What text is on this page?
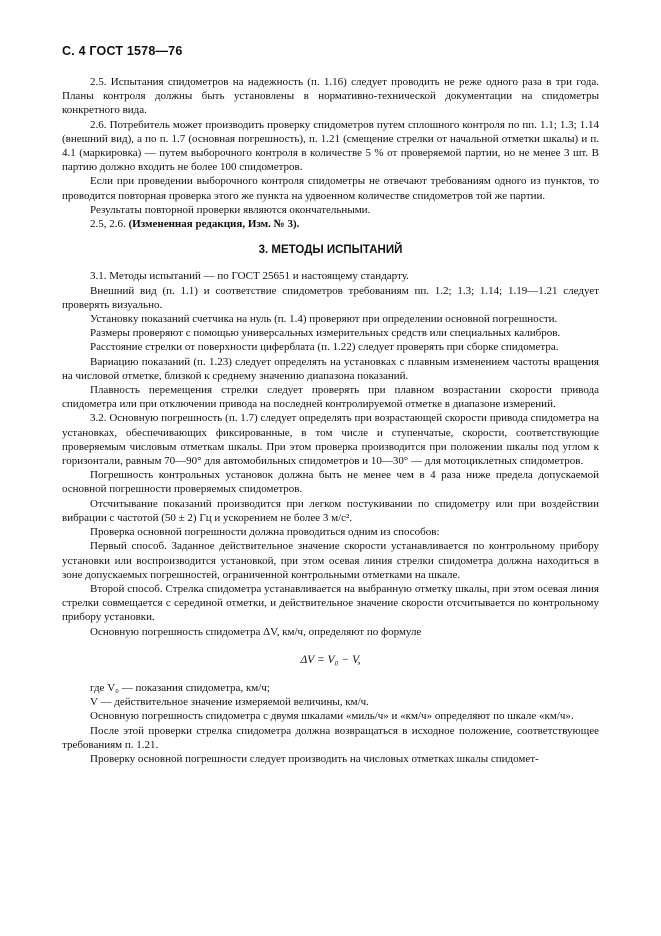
С. 4 ГОСТ 1578—76

2.5. Испытания спидометров на надежность (п. 1.16) следует проводить не реже одного раза в три года. Планы контроля должны быть установлены в нормативно-технической документации на спидометры конкретного вида.

2.6. Потребитель может производить проверку спидометров путем сплошного контроля по пп. 1.1; 1.3; 1.14 (внешний вид), а по п. 1.7 (основная погрешность), п. 1.21 (смещение стрелки от начальной отметки шкалы) и п. 4.1 (маркировка) — путем выборочного контроля в количестве 5 % от проверяемой партии, но не менее 3 шт. В партию должно входить не более 100 спидометров.

Если при проведении выборочного контроля спидометры не отвечают требованиям одного из пунктов, то проводится повторная проверка этого же пункта на удвоенном количестве спидометров той же партии.

Результаты повторной проверки являются окончательными.

2.5, 2.6. (Измененная редакция, Изм. № 3).

3. МЕТОДЫ ИСПЫТАНИЙ

3.1. Методы испытаний — по ГОСТ 25651 и настоящему стандарту.

Внешний вид (п. 1.1) и соответствие спидометров требованиям пп. 1.2; 1.3; 1.14; 1.19—1.21 следует проверять визуально.

Установку показаний счетчика на нуль (п. 1.4) проверяют при определении основной погрешности.

Размеры проверяют с помощью универсальных измерительных средств или специальных калибров.

Расстояние стрелки от поверхности циферблата (п. 1.22) следует проверять при сборке спидометра.

Вариацию показаний (п. 1.23) следует определять на установках с плавным изменением частоты вращения на числовой отметке, близкой к среднему значению диапазона показаний.

Плавность перемещения стрелки следует проверять при плавном возрастании скорости привода спидометра или при отключении привода на последней контролируемой отметке в диапазоне измерений.

3.2. Основную погрешность (п. 1.7) следует определять при возрастающей скорости привода спидометра на установках, обеспечивающих фиксированные, в том числе и ступенчатые, скорости, соответствующие проверяемым числовым отметкам шкалы. При этом проверка производится при положении шкалы под углом к горизонтали, равным 70—90° для автомобильных спидометров и 10—30° — для мотоциклетных спидометров.

Погрешность контрольных установок должна быть не менее чем в 4 раза ниже предела допускаемой основной погрешности проверяемых спидометров.

Отсчитывание показаний производится при легком постукивании по спидометру или при воздействии вибрации с частотой (50 ± 2) Гц и ускорением не более 3 м/с².

Проверка основной погрешности должна проводиться одним из способов:

Первый способ. Заданное действительное значение скорости устанавливается по контрольному прибору установки или воспроизводится установкой, при этом осевая линия стрелки спидометра должна находиться в зоне допускаемых погрешностей, ограниченной контрольными отметками на шкале.

Второй способ. Стрелка спидометра устанавливается на выбранную отметку шкалы, при этом осевая линия стрелки совмещается с серединой отметки, и действительное значение скорости отсчитывается по контрольному прибору установки.

Основную погрешность спидометра ΔV, км/ч, определяют по формуле

ΔV = V₀ − V,

где V₀ — показания спидометра, км/ч;

V — действительное значение измеряемой величины, км/ч.

Основную погрешность спидометра с двумя шкалами «миль/ч» и «км/ч» определяют по шкале «км/ч».

После этой проверки стрелка спидометра должна возвращаться в исходное положение, соответствующее требованиям п. 1.21.

Проверку основной погрешности следует производить на числовых отметках шкалы спидомет-
